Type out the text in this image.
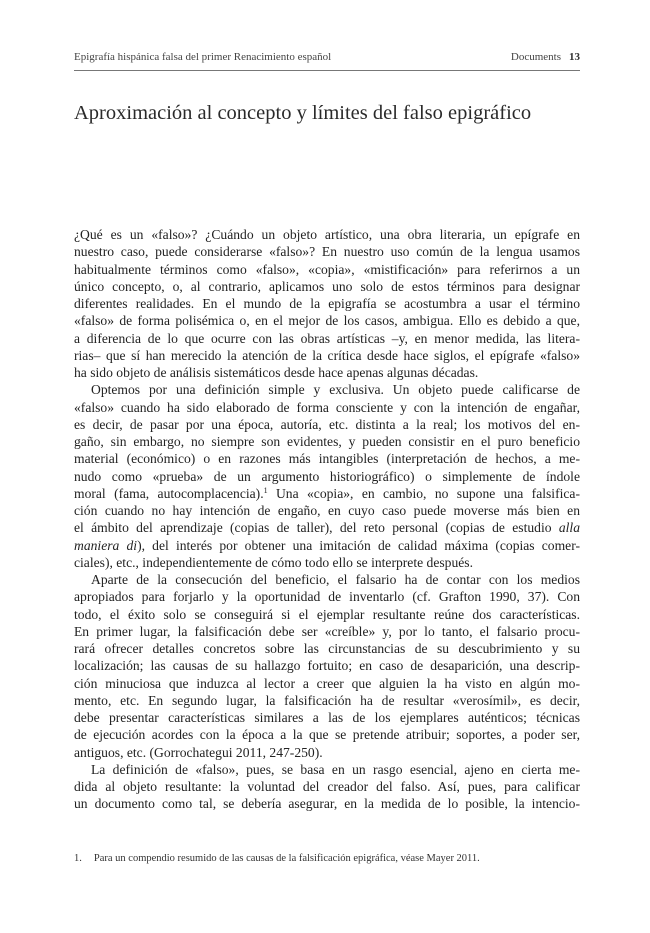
Epigrafía hispánica falsa del primer Renacimiento español	Documents 13
Aproximación al concepto y límites del falso epigráfico
¿Qué es un «falso»? ¿Cuándo un objeto artístico, una obra literaria, un epígrafe en
nuestro caso, puede considerarse «falso»? En nuestro uso común de la lengua usamos
habitualmente términos como «falso», «copia», «mistificación» para referirnos a un
único concepto, o, al contrario, aplicamos uno solo de estos términos para designar
diferentes realidades. En el mundo de la epigrafía se acostumbra a usar el término
«falso» de forma polisémica o, en el mejor de los casos, ambigua. Ello es debido a que,
a diferencia de lo que ocurre con las obras artísticas –y, en menor medida, las litera-
rias– que sí han merecido la atención de la crítica desde hace siglos, el epígrafe «falso»
ha sido objeto de análisis sistemáticos desde hace apenas algunas décadas.
Optemos por una definición simple y exclusiva. Un objeto puede calificarse de
«falso» cuando ha sido elaborado de forma consciente y con la intención de engañar,
es decir, de pasar por una época, autoría, etc. distinta a la real; los motivos del en-
gaño, sin embargo, no siempre son evidentes, y pueden consistir en el puro beneficio
material (económico) o en razones más intangibles (interpretación de hechos, a me-
nudo como «prueba» de un argumento historiográfico) o simplemente de índole
moral (fama, autocomplacencia).$^1$ Una «copia», en cambio, no supone una falsifica-
ción cuando no hay intención de engaño, en cuyo caso puede moverse más bien en
el ámbito del aprendizaje (copias de taller), del reto personal (copias de estudio alla
maniera di), del interés por obtener una imitación de calidad máxima (copias comer-
ciales), etc., independientemente de cómo todo ello se interprete después.
Aparte de la consecución del beneficio, el falsario ha de contar con los medios
apropiados para forjarlo y la oportunidad de inventarlo (cf. Grafton 1990, 37). Con
todo, el éxito solo se conseguirá si el ejemplar resultante reúne dos características.
En primer lugar, la falsificación debe ser «creíble» y, por lo tanto, el falsario procu-
rará ofrecer detalles concretos sobre las circunstancias de su descubrimiento y su
localización; las causas de su hallazgo fortuito; en caso de desaparición, una descrip-
ción minuciosa que induzca al lector a creer que alguien la ha visto en algún mo-
mento, etc. En segundo lugar, la falsificación ha de resultar «verosímil», es decir,
debe presentar características similares a las de los ejemplares auténticos; técnicas
de ejecución acordes con la época a la que se pretende atribuir; soportes, a poder ser,
antiguos, etc. (Gorrochategui 2011, 247-250).
La definición de «falso», pues, se basa en un rasgo esencial, ajeno en cierta me-
dida al objeto resultante: la voluntad del creador del falso. Así, pues, para calificar
un documento como tal, se debería asegurar, en la medida de lo posible, la intencio-
1. Para un compendio resumido de las causas de la falsificación epigráfica, véase Mayer 2011.
